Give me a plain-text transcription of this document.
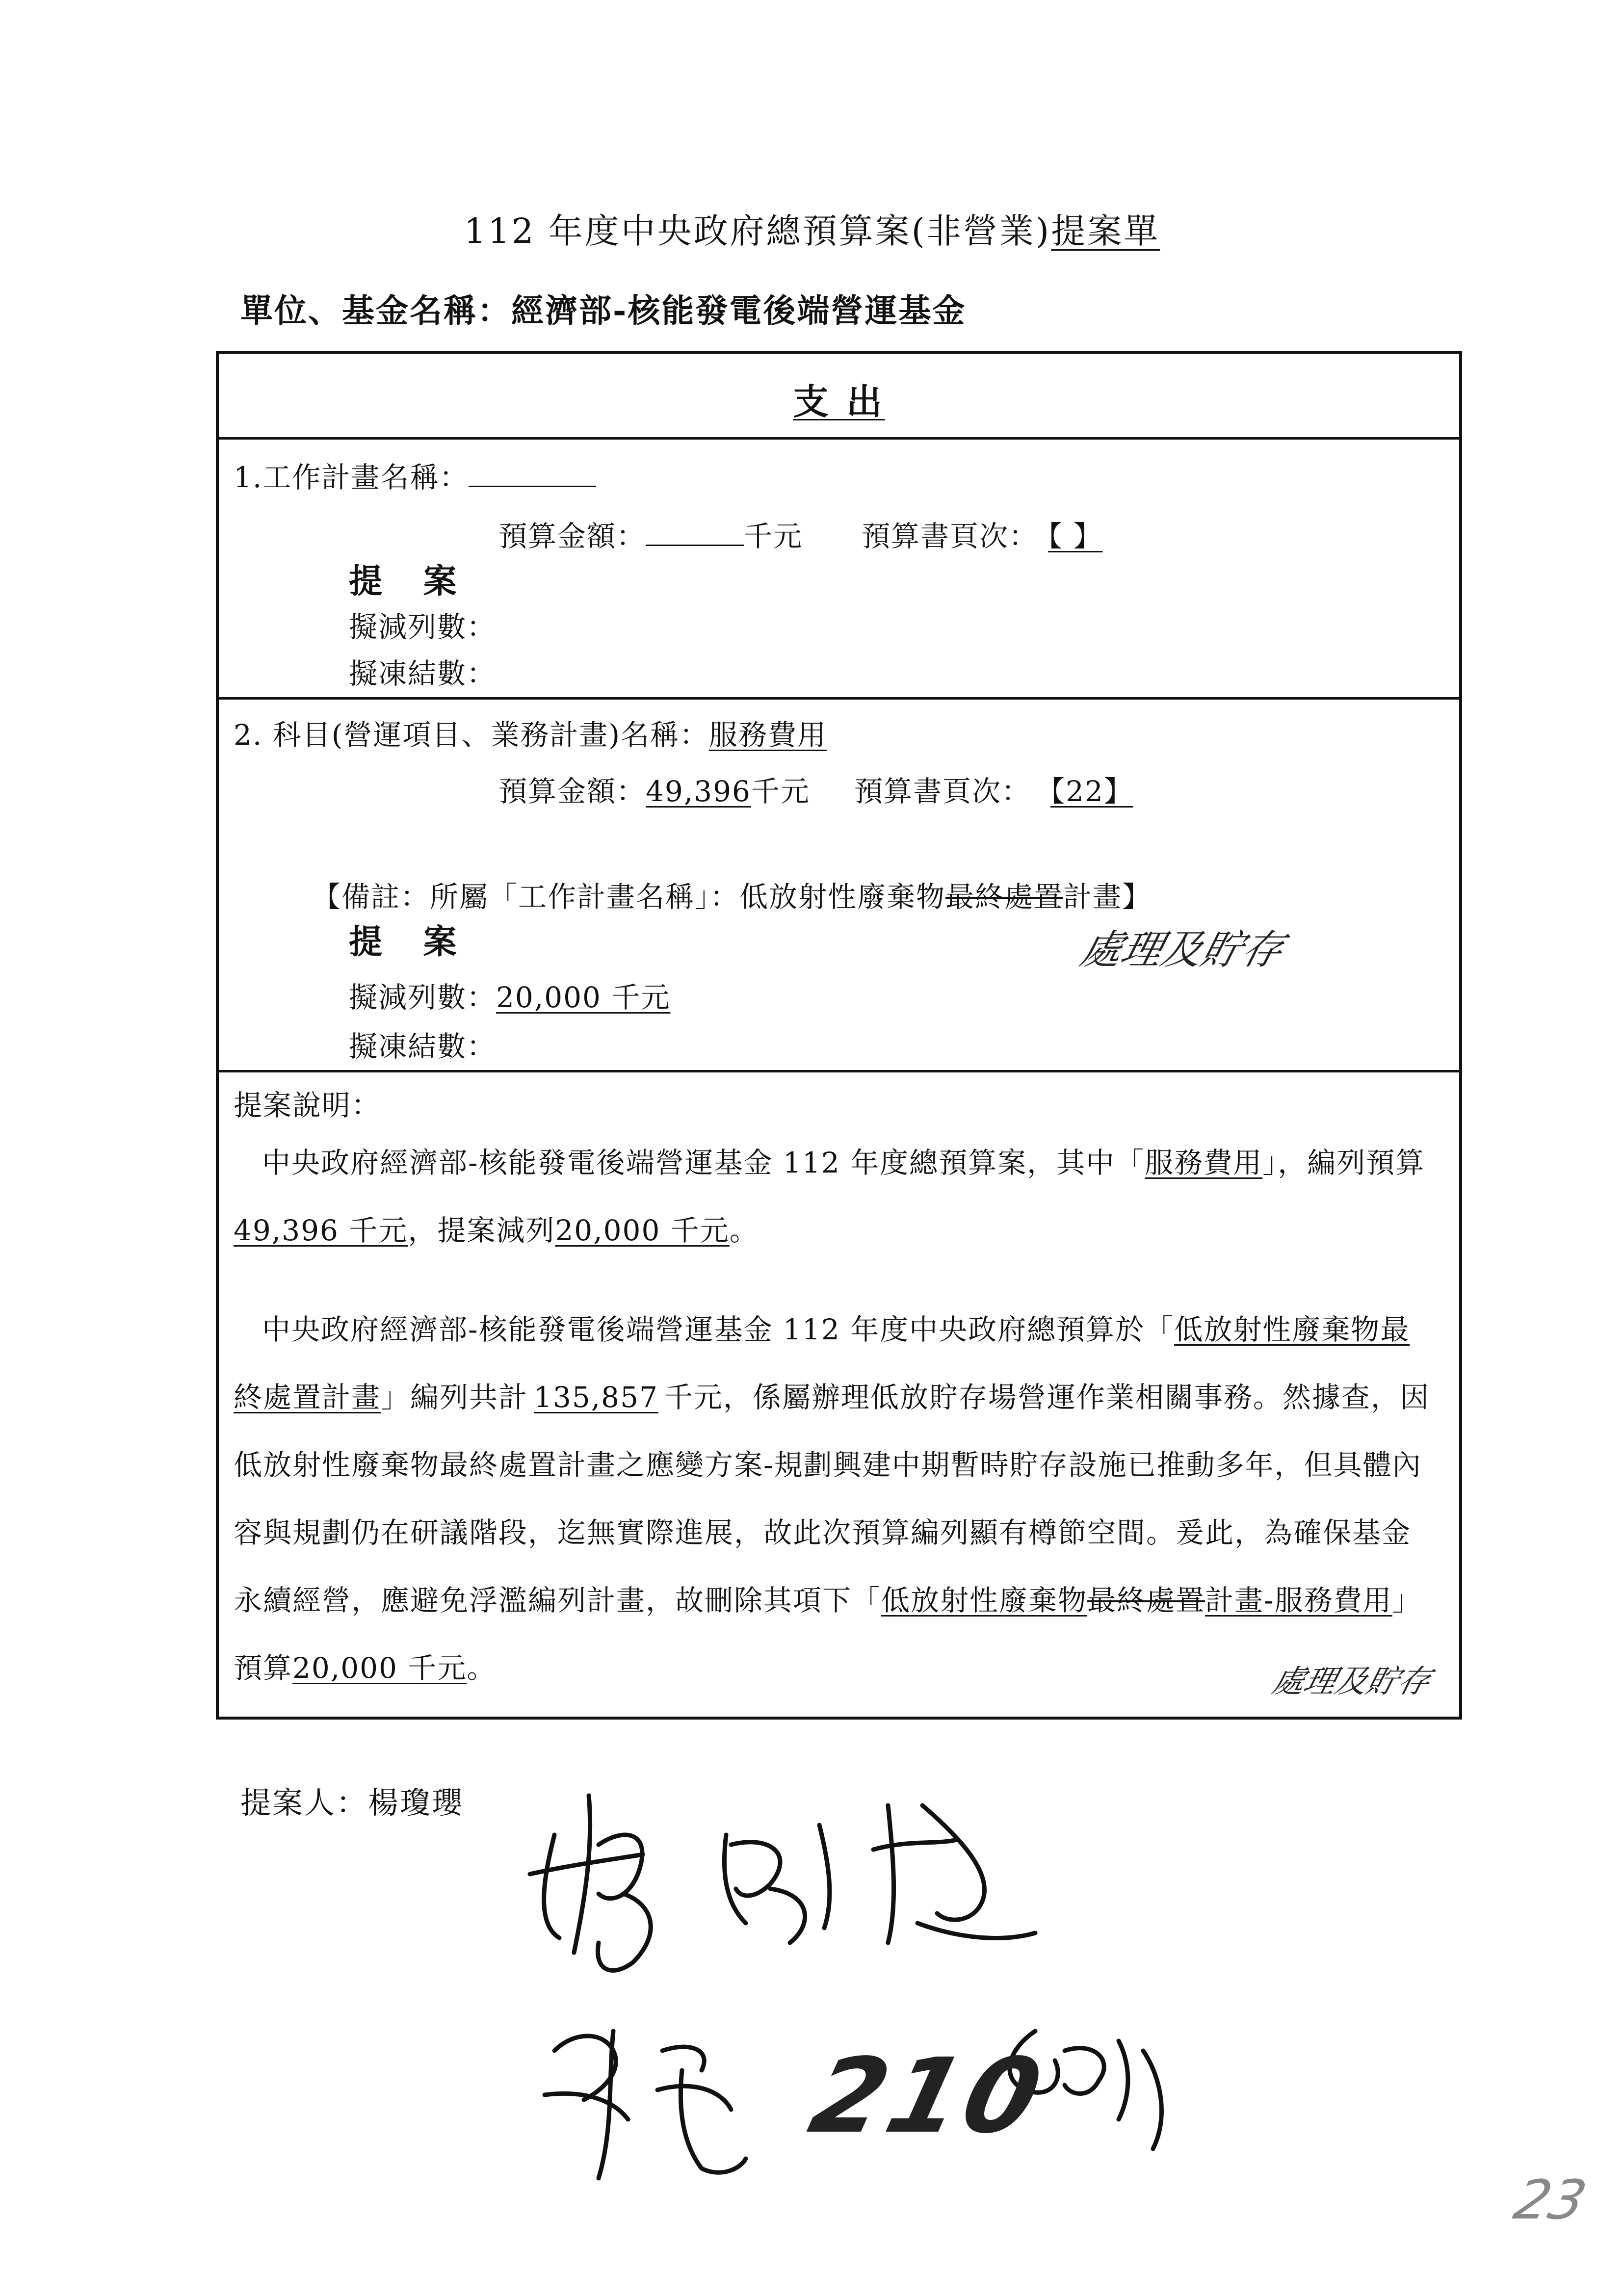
112 年度中央政府總預算案(非營業)提案單
單位、基金名稱：經濟部-核能發電後端營運基金
支 出
1.工作計畫名稱：
預算金額：	千元 預算書頁次： 【 】
提 案
擬減列數：
擬凍結數：
2. 科目(營運項目、業務計畫)名稱：服務費用
預算金額：49,396千元 預算書頁次： 【22】
【備註：所屬「工作計畫名稱」：低放射性廢棄物最終處置計畫】
處理及貯存
提 案
擬減列數：20,000 千元
擬凍結數：
提案說明：

中央政府經濟部-核能發電後端營運基金 112 年度總預算案，其中「服務費用」，編列預算49,396 千元，提案減列20,000 千元。

中央政府經濟部-核能發電後端營運基金 112 年度中央政府總預算於「低放射性廢棄物最終處置計畫」編列共計 135,857 千元，係屬辦理低放貯存場營運作業相關事務。然據查，因低放射性廢棄物最終處置計畫之應變方案-規劃興建中期暫時貯存設施已推動多年，但具體內容與規劃仍在研議階段，迄無實際進展，故此次預算編列顯有樽節空間。爰此，為確保基金永續經營，應避免浮濫編列計畫，故刪除其項下「低放射性廢棄物最終處置計畫-服務費用」預算20,000 千元。	處理及貯存
提案人：楊瓊瓔
210
23
